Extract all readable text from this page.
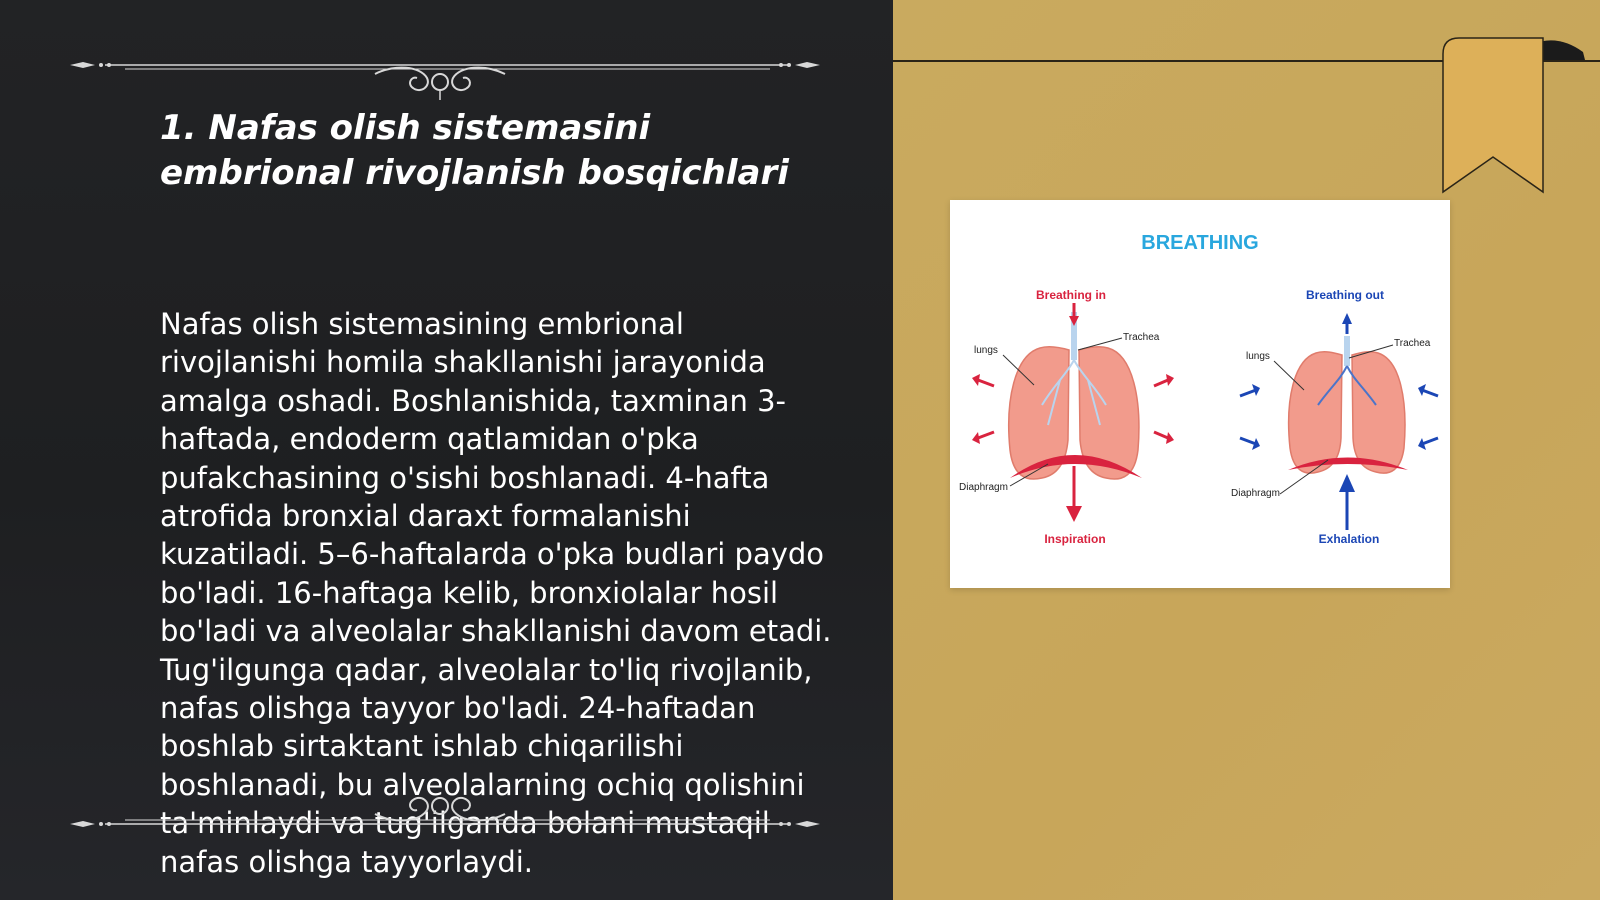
1. Nafas olish sistemasini embrional rivojlanish bosqichlari

Nafas olish sistemasining embrional rivojlanishi homila shakllanishi jarayonida amalga oshadi. Boshlanishida, taxminan 3-haftada, endoderm qatlamidan o'pka pufakchasining o'sishi boshlanadi. 4-hafta atrofida bronxial daraxt formalanishi kuzatiladi. 5–6-haftalarda o'pka budlari paydo bo'ladi. 16-haftaga kelib, bronxiolalar hosil bo'ladi va alveolalar shakllanishi davom etadi. Tug'ilgunga qadar, alveolalar to'liq rivojlanib, nafas olishga tayyor bo'ladi. 24-haftadan boshlab sirtaktant ishlab chiqarilishi boshlanadi, bu alveolalarning ochiq qolishini ta'minlaydi va tug'ilganda bolani mustaqil nafas olishga tayyorlaydi.

BREATHING
Breathing in	Breathing out
lungs
Trachea
Diaphragm
Inspiration
lungs
Trachea
Diaphragm
Exhalation
